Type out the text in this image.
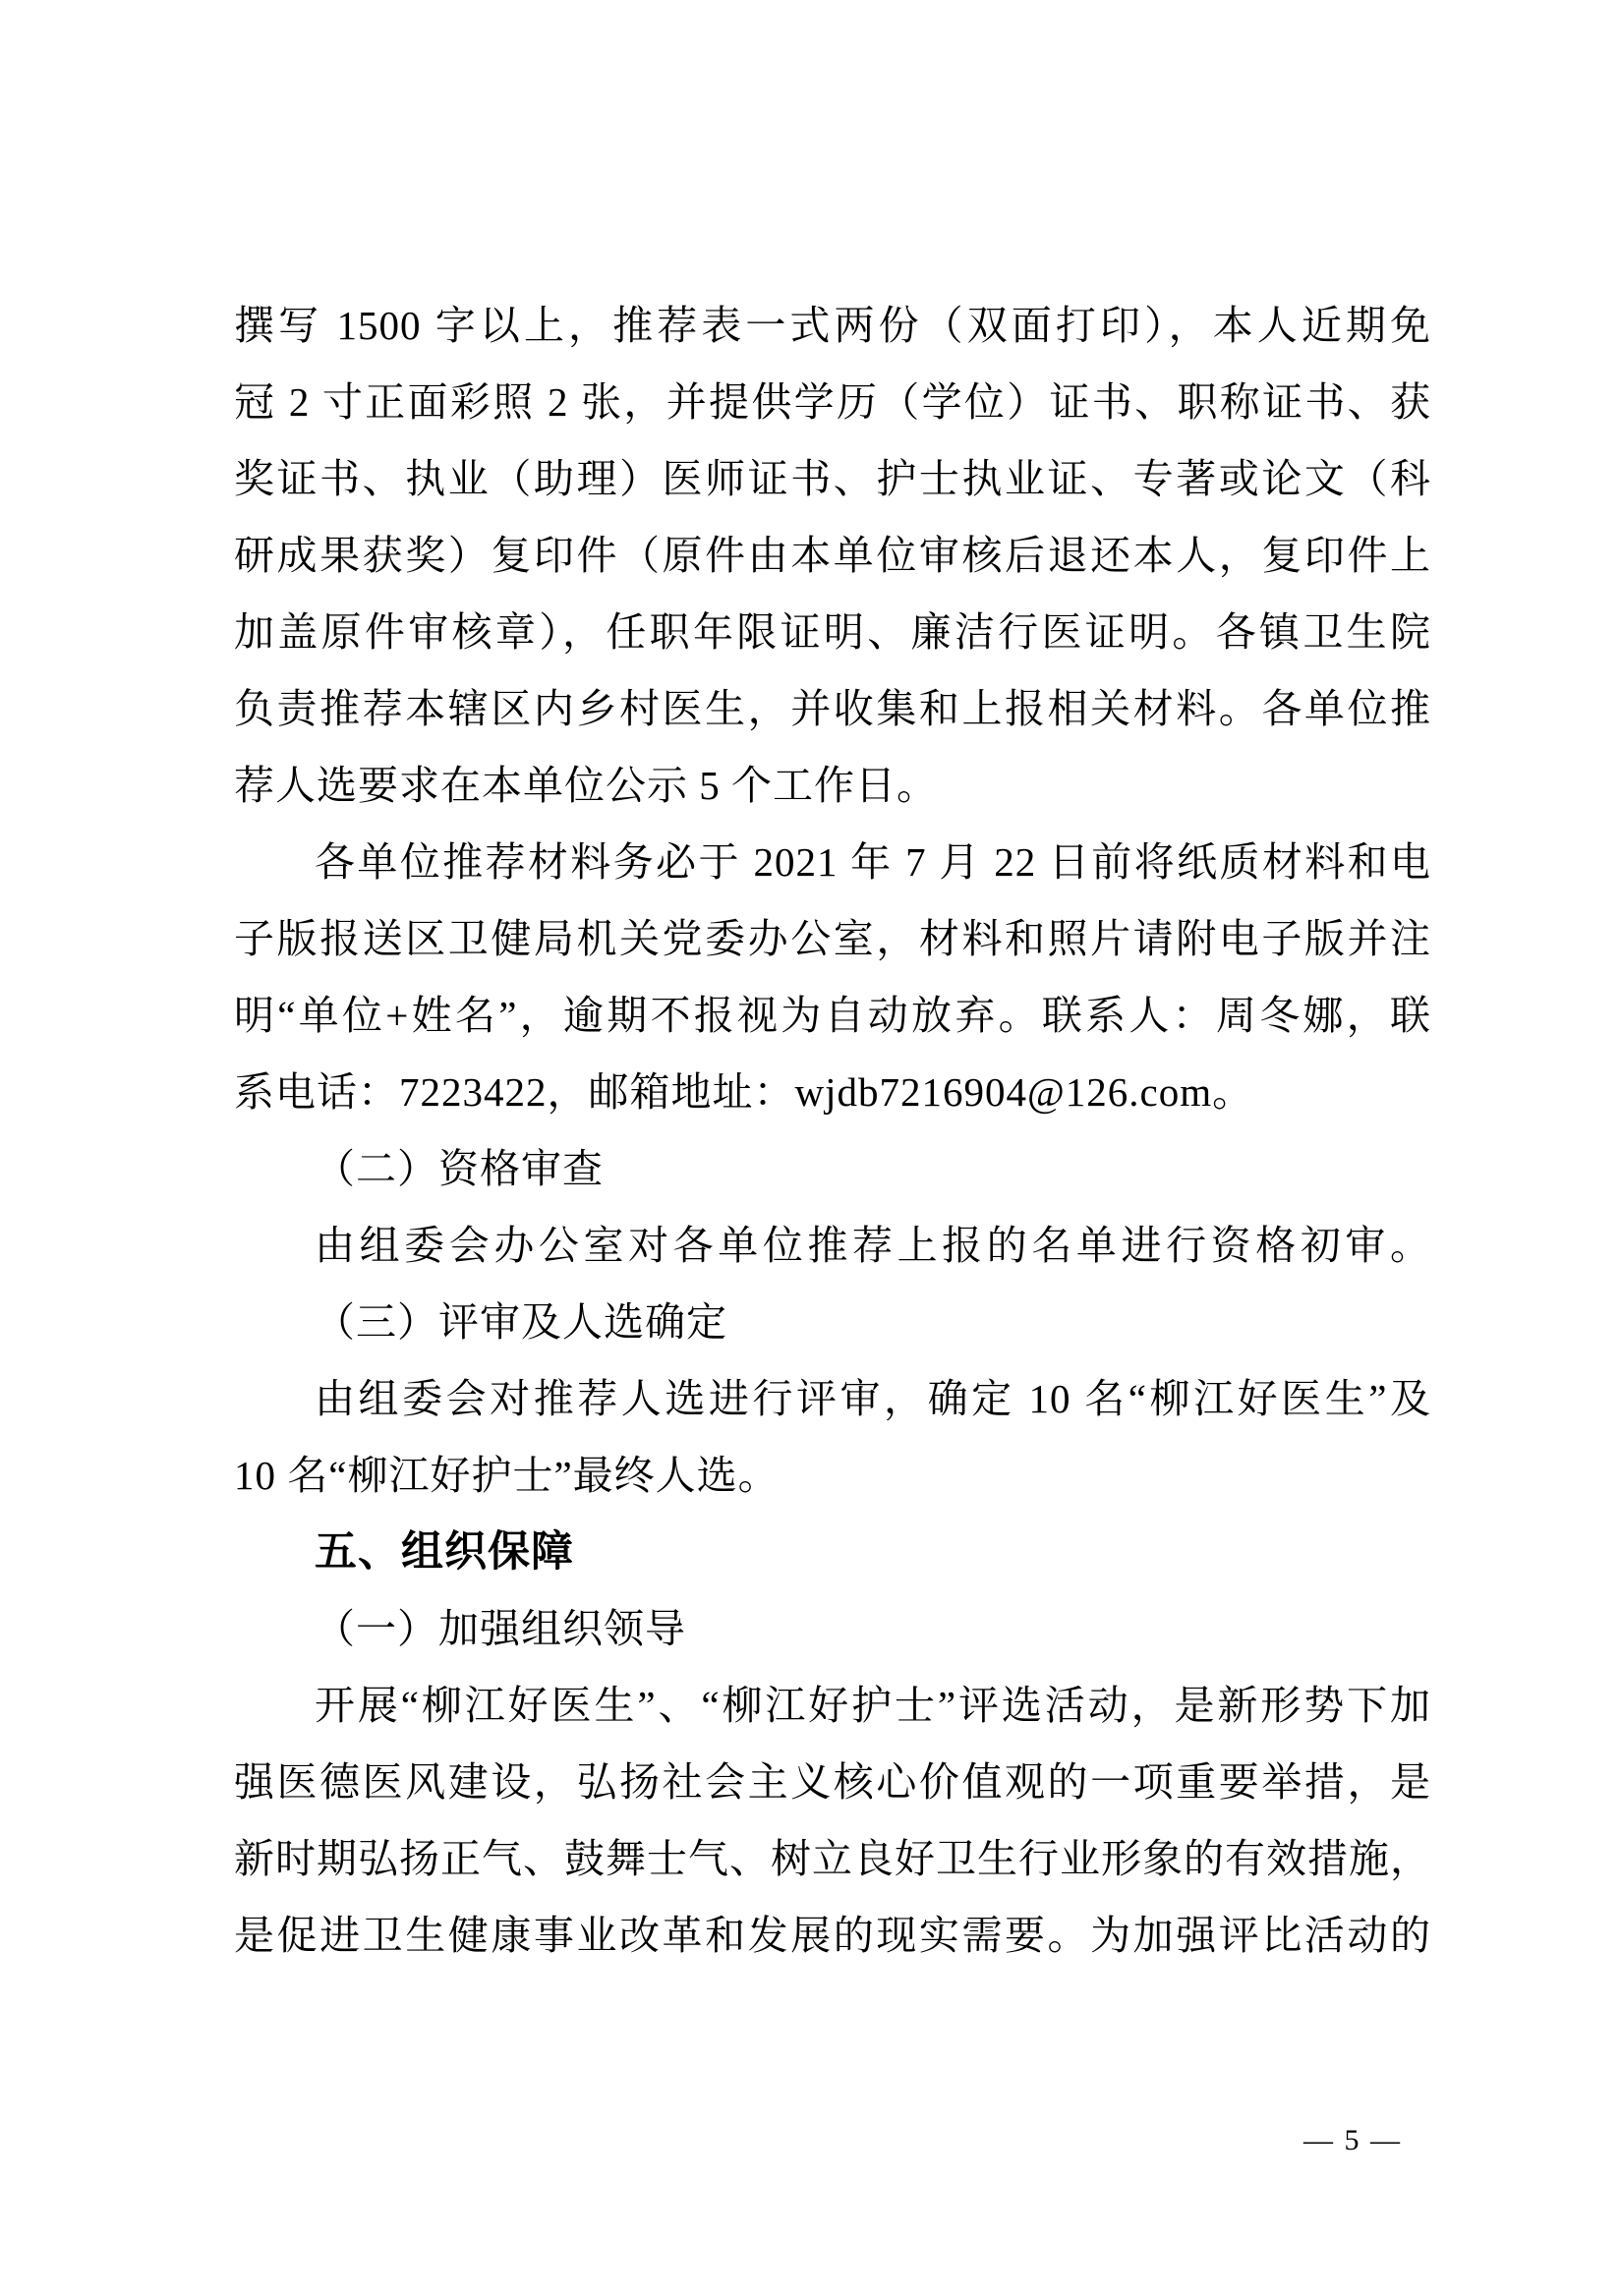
撰写 1500 字以上，推荐表一式两份（双面打印），本人近期免
冠 2 寸正面彩照 2 张，并提供学历（学位）证书、职称证书、获
奖证书、执业（助理）医师证书、护士执业证、专著或论文（科
研成果获奖）复印件（原件由本单位审核后退还本人，复印件上
加盖原件审核章），任职年限证明、廉洁行医证明。各镇卫生院
负责推荐本辖区内乡村医生，并收集和上报相关材料。各单位推
荐人选要求在本单位公示 5 个工作日。
各单位推荐材料务必于 2021 年 7 月 22 日前将纸质材料和电
子版报送区卫健局机关党委办公室，材料和照片请附电子版并注
明“单位+姓名”，逾期不报视为自动放弃。联系人：周冬娜，联
系电话：7223422，邮箱地址：wjdb7216904@126.com。
（二）资格审查
由组委会办公室对各单位推荐上报的名单进行资格初审。
（三）评审及人选确定
由组委会对推荐人选进行评审，确定 10 名“柳江好医生”及
10 名“柳江好护士”最终人选。
五、组织保障
（一）加强组织领导
开展“柳江好医生”、“柳江好护士”评选活动，是新形势下加
强医德医风建设，弘扬社会主义核心价值观的一项重要举措，是
新时期弘扬正气、鼓舞士气、树立良好卫生行业形象的有效措施，
是促进卫生健康事业改革和发展的现实需要。为加强评比活动的
— 5 —
